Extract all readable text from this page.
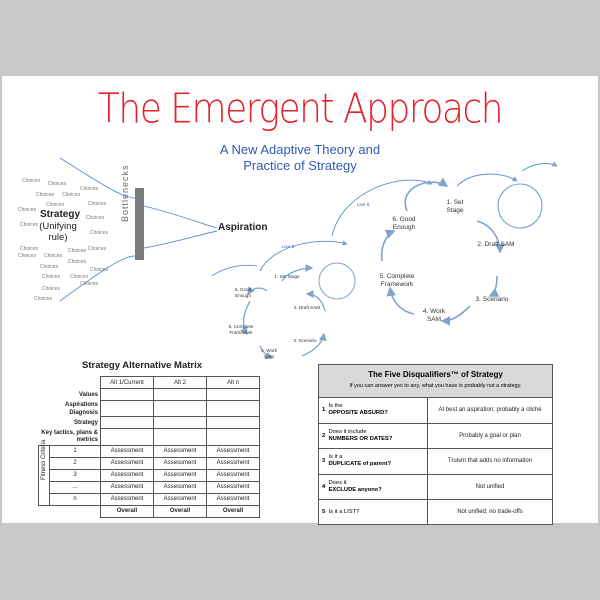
The Emergent Approach
A New Adaptive Theory and
Practice of Strategy
Choices Choices
Choices
Choices Choices
Choices	Choices
Choices
Choices
Choices
Choices
Choices
Choices
Choices Choices
Choices
Choices
Choices
Choices
Choices
Choices
Choices
Choices
Choices
Strategy
(Unifying rule)
Bottlenecks
Aspiration
Live It	1. Set Stage
2. Draft SAM
3. Scenario
4. Work SAM
5. Complete Framework
6. Good Enough
Live It
1. Set Stage
2. Draft SAM
3. Scenario
4. Work SAM
5. Complete Framework
6. Good Enough
Strategy Alternative Matrix
		Alt 1/Current	Alt 2	Alt n
Values				
Aspirations				
Diagnosis				
Strategy				
Key tactics, plans & metrics				

Fitness Criteria	1	Assessment	Assessment	Assessment
	2	Assessment	Assessment	Assessment
	3	Assessment	Assessment	Assessment
	...	Assessment	Assessment	Assessment
	n	Assessment	Assessment	Assessment
		Overall	Overall	Overall
The Five Disqualifiers™ of Strategy
If you can answer yes to any, what you have is probably not a strategy.
1

Is the
OPPOSITE ABSURD?	At best an aspiration; probably a cliché
2

Does it include
NUMBERS OR DATES?	Probably a goal or plan
3

Is it a
DUPLICATE of parent?	Truism that adds no information
4

Does it
EXCLUDE anyone?	Not unified
5
Is it a LIST?	Not unified; no trade-offs
